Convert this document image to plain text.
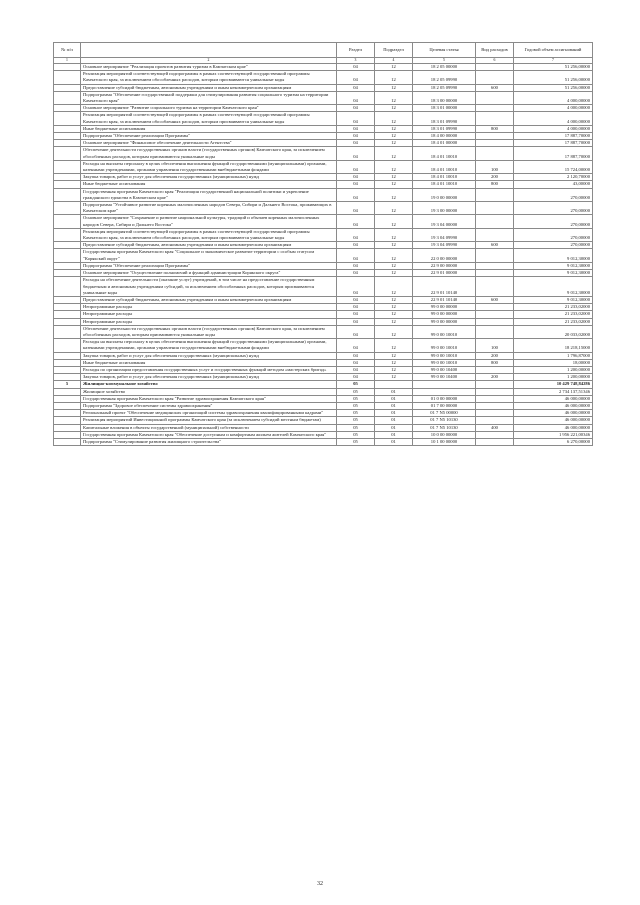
№ п/п		Раздел	Подраздел	Целевая статья	Вид расходов	Годовой объем ассигнований
1	2	3	4	5	6	7
	Основное мероприятие "Реализация проектов развития туризма в Камчатском крае"	04	12	18 2 05 00000		51 256,00000
	Реализация мероприятий соответствующей подпрограммы в рамках соответствующей государственной программы Камчатского края, за исключением обособленных расходов, которым присваиваются уникальные коды	04	12	18 2 05 09990		51 256,00000
	Предоставление субсидий бюджетным, автономным учреждениям и иным некоммерческим организациям	04	12	18 2 05 09990	600	51 256,00000
	Подпрограмма "Обеспечение государственной поддержки для стимулирования развития социального туризма на территории Камчатского края"	04	12	18 3 00 00000		4 000,00000
	Основное мероприятие "Развитие социального туризма на территории Камчатского края"	04	12	18 3 01 00000		4 000,00000
	Реализация мероприятий соответствующей подпрограммы в рамках соответствующей государственной программы Камчатского края, за исключением обособленных расходов, которым присваиваются уникальные коды	04	12	18 3 01 09990		4 000,00000
	Иные бюджетные ассигнования	04	12	18 3 01 09990	800	4 000,00000
	Подпрограмма "Обеспечение реализации Программы"	04	12	18 4 00 00000		17 887,70000
	Основное мероприятие "Финансовое обеспечение деятельности Агентства"	04	12	18 4 01 00000		17 887,70000
	Обеспечение деятельности государственных органов власти (государственных органов) Камчатского края, за исключением обособленных расходов, которым присваиваются уникальные коды	04	12	18 4 01 10010		17 887,70000
	Расходы на выплаты персоналу в целях обеспечения выполнения функций государственными (муниципальными) органами, казенными учреждениями, органами управления государственными внебюджетными фондами	04	12	18 4 01 10010	100	15 724,00000
	Закупка товаров, работ и услуг для обеспечения государственных (муниципальных) нужд	04	12	18 4 01 10010	200	2 120,70000
	Иные бюджетные ассигнования	04	12	18 4 01 10010	800	43,00000
	Государственная программа Камчатского края "Реализация государственной национальной политики и укрепление гражданского единства в Камчатском крае"	04	12	19 0 00 00000		270,00000
	Подпрограмма "Устойчивое развитие коренных малочисленных народов Севера, Сибири и Дальнего Востока, проживающих в Камчатском крае"	04	12	19 3 00 00000		270,00000
	Основное мероприятие "Сохранение и развитие национальной культуры, традиций и обычаев коренных малочисленных народов Севера, Сибири и Дальнего Востока"	04	12	19 3 04 00000		270,00000
	Реализация мероприятий соответствующей подпрограммы в рамках соответствующей государственной программы Камчатского края, за исключением обособленных расходов, которым присваиваются уникальные коды	04	12	19 3 04 09990		270,00000
	Предоставление субсидий бюджетным, автономным учреждениям и иным некоммерческим организациям	04	12	19 3 04 09990	600	270,00000
	Государственная программа Камчатского края "Социальное и экономическое развитие территории с особым статусом "Корякский округ"	04	12	22 0 00 00000		9 012,30000
	Подпрограмма "Обеспечение реализации Программы"	04	12	22 9 00 00000		9 012,30000
	Основное мероприятие "Осуществление полномочий и функций администрации Корякского округа"	04	12	22 9 01 00000		9 012,30000
	Расходы на обеспечение деятельности (оказание услуг) учреждений, в том числе на предоставление государственным бюджетным и автономным учреждениям субсидий, за исключением обособленных расходов, которым присваиваются уникальные коды	04	12	22 9 01 10140		9 012,30000
	Предоставление субсидий бюджетным, автономным учреждениям и иным некоммерческим организациям	04	12	22 9 01 10140	600	9 012,30000
	Непрограммные расходы	04	12	99 0 00 00000		21 233,02000
	Непрограммные расходы	04	12	99 0 00 00000		21 233,02000
	Непрограммные расходы	04	12	99 0 00 00000		21 233,02000
	Обеспечение деятельности государственных органов власти (государственных органов) Камчатского края, за исключением обособленных расходов, которым присваиваются уникальные коды	04	12	99 0 00 10010		20 033,02000
	Расходы на выплаты персоналу в целях обеспечения выполнения функций государственными (муниципальными) органами, казенными учреждениями, органами управления государственными внебюджетными фондами	04	12	99 0 00 10010	100	18 218,15000
	Закупка товаров, работ и услуг для обеспечения государственных (муниципальных) нужд	04	12	99 0 00 10010	200	1 796,87000
	Иные бюджетные ассигнования	04	12	99 0 00 10010	800	18,00000
	Расходы по организации предоставления государственных услуг и государственных функций методом «мастерских бригад»	04	12	99 0 00 10400		1 200,00000
	Закупка товаров, работ и услуг для обеспечения государственных (муниципальных) нужд	04	12	99 0 00 10400	200	1 200,00000
5	Жилищно-коммунальное хозяйство	05				10 429 748,84286
	Жилищное хозяйство	05	01			2 734 137,51346
	Государственная программа Камчатского края "Развитие здравоохранения Камчатского края"	05	01	01 0 00 00000		46 000,00000
	Подпрограмма "Здоровое обеспечение системы здравоохранения"	05	01	01 7 00 00000		46 000,00000
	Региональный проект "Обеспечение медицинских организаций системы здравоохранения квалифицированными кадрами"	05	01	01 7 N5 00000		46 000,00000
	Реализация мероприятий Инвестиционной программы Камчатского края (за исключением субсидий местным бюджетам)	05	01	01 7 N5 10130		46 000,00000
	Капитальные вложения в объекты государственной (муниципальной) собственности	05	01	01 7 N5 10130	400	46 000,00000
	Государственная программа Камчатского края "Обеспечение доступным и комфортным жильем жителей Камчатского края"	05	01	10 0 00 00000		1 956 221,00346
	Подпрограмма "Стимулирование развития жилищного строительства"	05	01	10 1 00 00000		6 270,00000
32
